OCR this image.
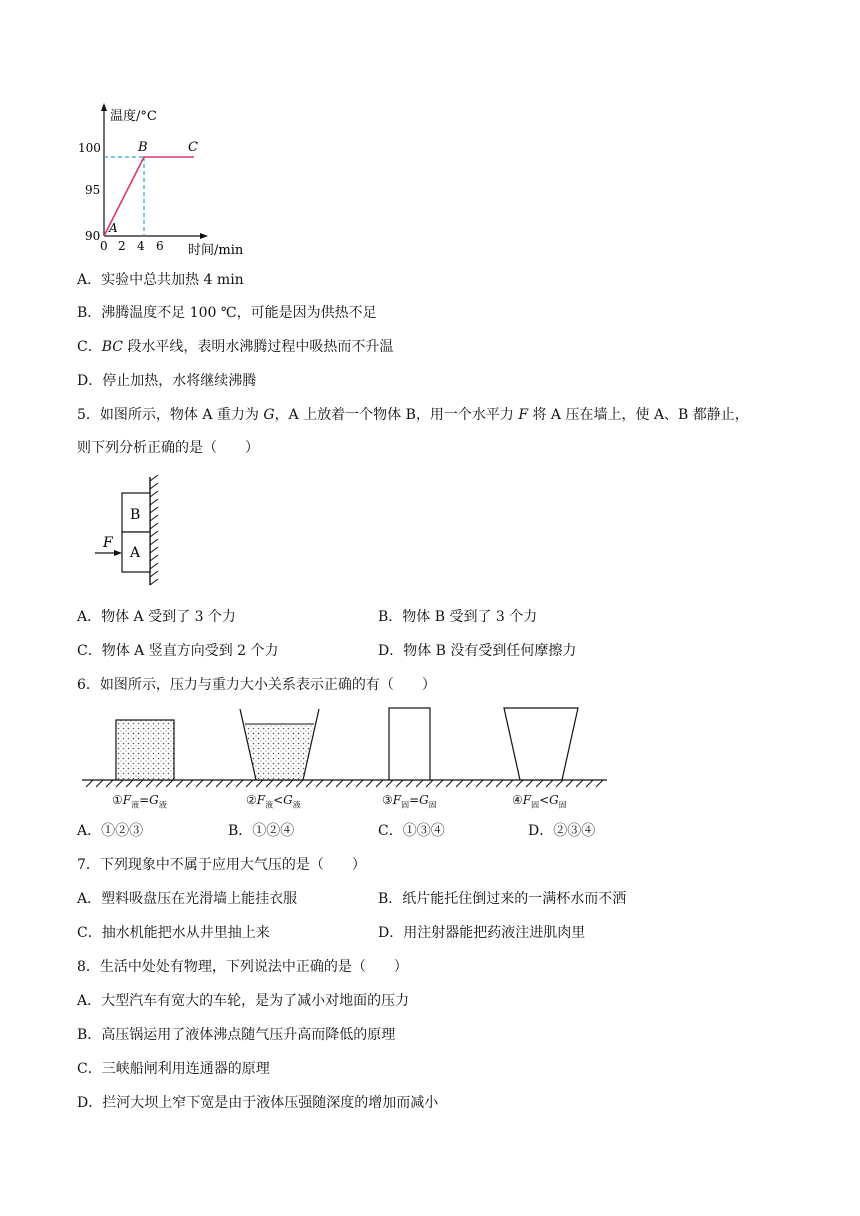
温度/°C
100
95
90
0 2 4 6 时间/min
A
B	C
A．实验中总共加热 4 min
B．沸腾温度不足 100 ℃，可能是因为供热不足
C．BC 段水平线，表明水沸腾过程中吸热而不升温
D．停止加热，水将继续沸腾
5．如图所示，物体 A 重力为 G，A 上放着一个物体 B，用一个水平力 F 将 A 压在墙上，使 A、B 都静止，
则下列分析正确的是（　　）
B
A
F
A．物体 A 受到了 3 个力	B．物体 B 受到了 3 个力
C．物体 A 竖直方向受到 2 个力	D．物体 B 没有受到任何摩擦力
6．如图所示，压力与重力大小关系表示正确的有（　　）
$①F_液=G_液$	$②F_液<G_液$	$③F_固=G_固$	$④F_固<G_固$
A．①②③	B．①②④	C．①③④	D．②③④
7．下列现象中不属于应用大气压的是（　　）
A．塑料吸盘压在光滑墙上能挂衣服	B．纸片能托住倒过来的一满杯水而不洒
C．抽水机能把水从井里抽上来	D．用注射器能把药液注进肌肉里
8．生活中处处有物理，下列说法中正确的是（　　）
A．大型汽车有宽大的车轮，是为了减小对地面的压力
B．高压锅运用了液体沸点随气压升高而降低的原理
C．三峡船闸利用连通器的原理
D．拦河大坝上窄下宽是由于液体压强随深度的增加而减小
